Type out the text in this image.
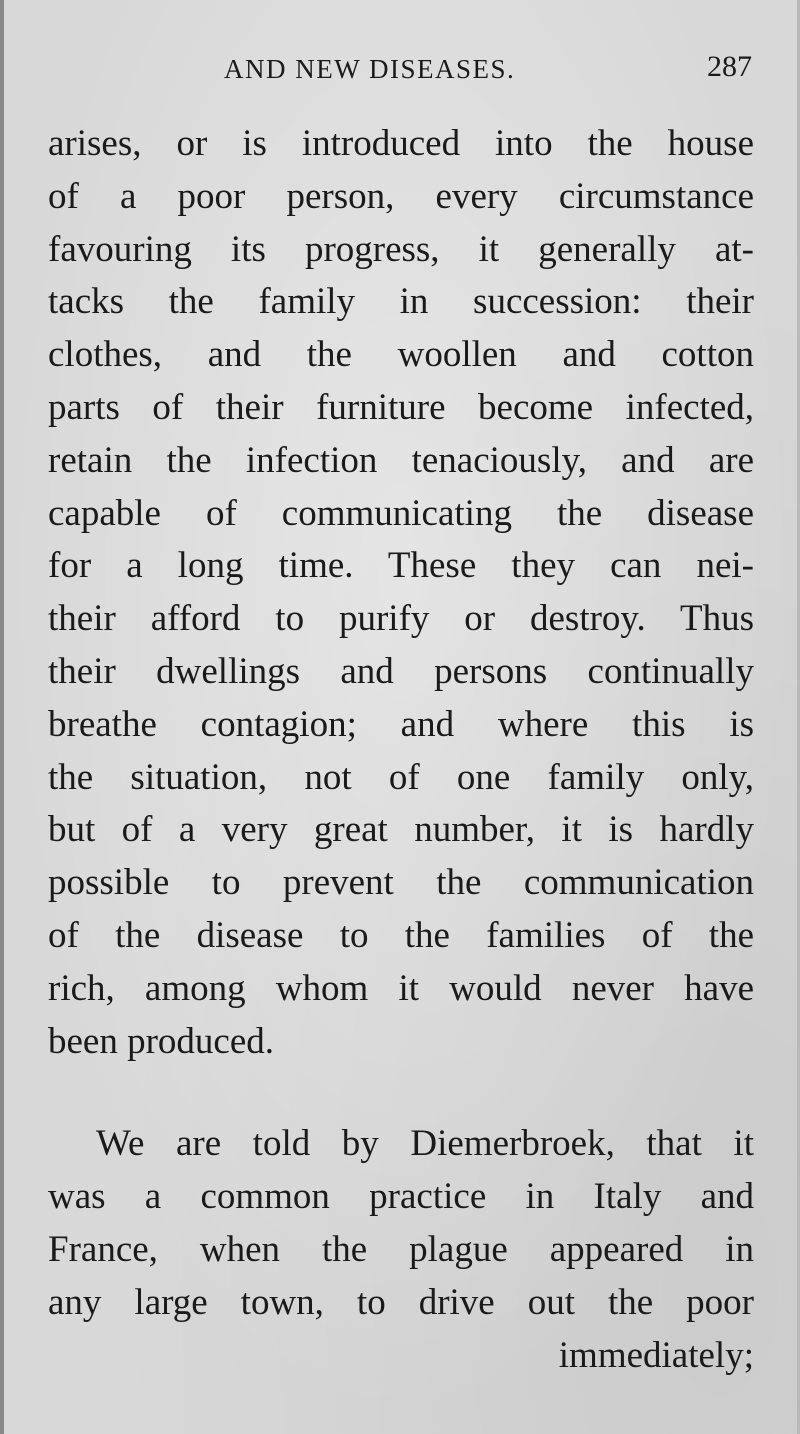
AND NEW DISEASES.	287
arises, or is introduced into the house
of a poor person, every circumstance
favouring its progress, it generally at-
tacks the family in succession: their
clothes, and the woollen and cotton
parts of their furniture become infected,
retain the infection tenaciously, and are
capable of communicating the disease
for a long time. These they can nei-
their afford to purify or destroy. Thus
their dwellings and persons continually
breathe contagion; and where this is
the situation, not of one family only,
but of a very great number, it is hardly
possible to prevent the communication
of the disease to the families of the
rich, among whom it would never have
been produced.
We are told by Diemerbroek, that it
was a common practice in Italy and
France, when the plague appeared in
any large town, to drive out the poor
immediately;
